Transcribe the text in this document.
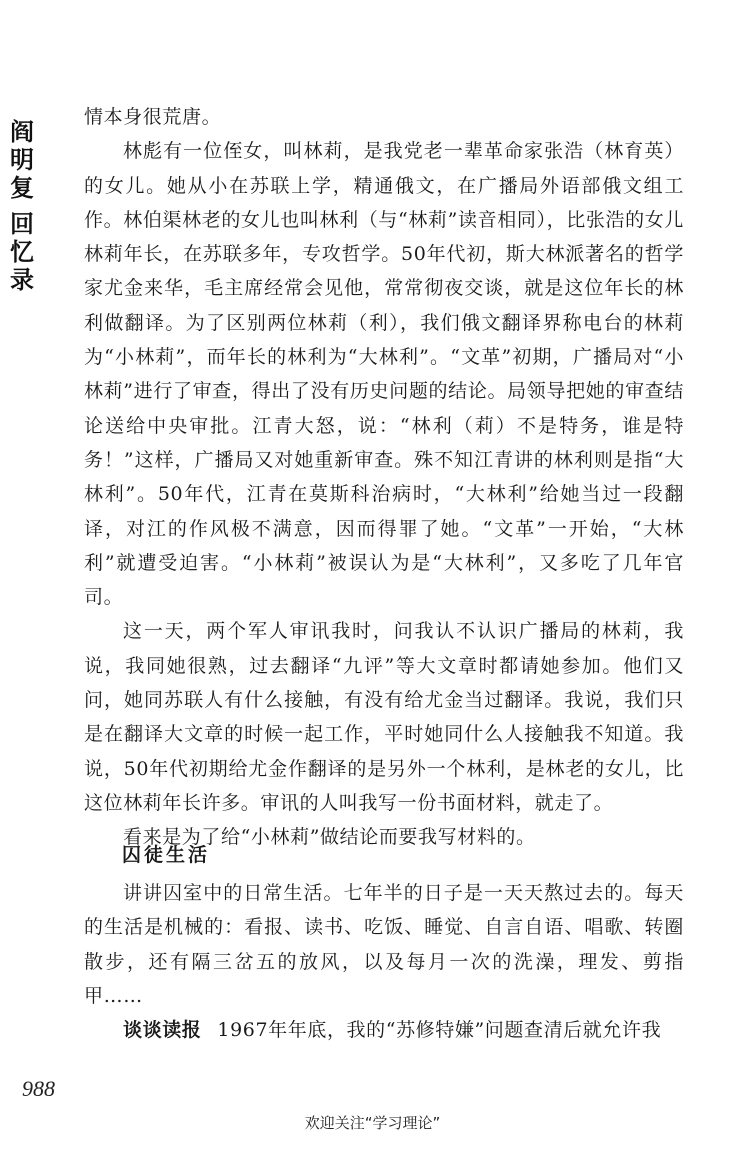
阎
明
复
回
忆
录

情本身很荒唐。

林彪有一位侄女，叫林莉，是我党老一辈革命家张浩（林育英）的女儿。她从小在苏联上学，精通俄文，在广播局外语部俄文组工作。林伯渠林老的女儿也叫林利（与“林莉”读音相同），比张浩的女儿林莉年长，在苏联多年，专攻哲学。50年代初，斯大林派著名的哲学家尤金来华，毛主席经常会见他，常常彻夜交谈，就是这位年长的林利做翻译。为了区别两位林莉（利），我们俄文翻译界称电台的林莉为“小林莉”，而年长的林利为“大林利”。“文革”初期，广播局对“小林莉”进行了审查，得出了没有历史问题的结论。局领导把她的审查结论送给中央审批。江青大怒，说：“林利（莉）不是特务，谁是特务！”这样，广播局又对她重新审查。殊不知江青讲的林利则是指“大林利”。50年代，江青在莫斯科治病时，“大林利”给她当过一段翻译，对江的作风极不满意，因而得罪了她。“文革”一开始，“大林利”就遭受迫害。“小林莉”被误认为是“大林利”，又多吃了几年官司。

这一天，两个军人审讯我时，问我认不认识广播局的林莉，我说，我同她很熟，过去翻译“九评”等大文章时都请她参加。他们又问，她同苏联人有什么接触，有没有给尤金当过翻译。我说，我们只是在翻译大文章的时候一起工作，平时她同什么人接触我不知道。我说，50年代初期给尤金作翻译的是另外一个林利，是林老的女儿，比这位林莉年长许多。审讯的人叫我写一份书面材料，就走了。

看来是为了给“小林莉”做结论而要我写材料的。

囚徒生活

讲讲囚室中的日常生活。七年半的日子是一天天熬过去的。每天的生活是机械的：看报、读书、吃饭、睡觉、自言自语、唱歌、转圈散步，还有隔三岔五的放风，以及每月一次的洗澡，理发、剪指甲……

谈谈读报 1967年年底，我的“苏修特嫌”问题查清后就允许我

988
欢迎关注“学习理论”
